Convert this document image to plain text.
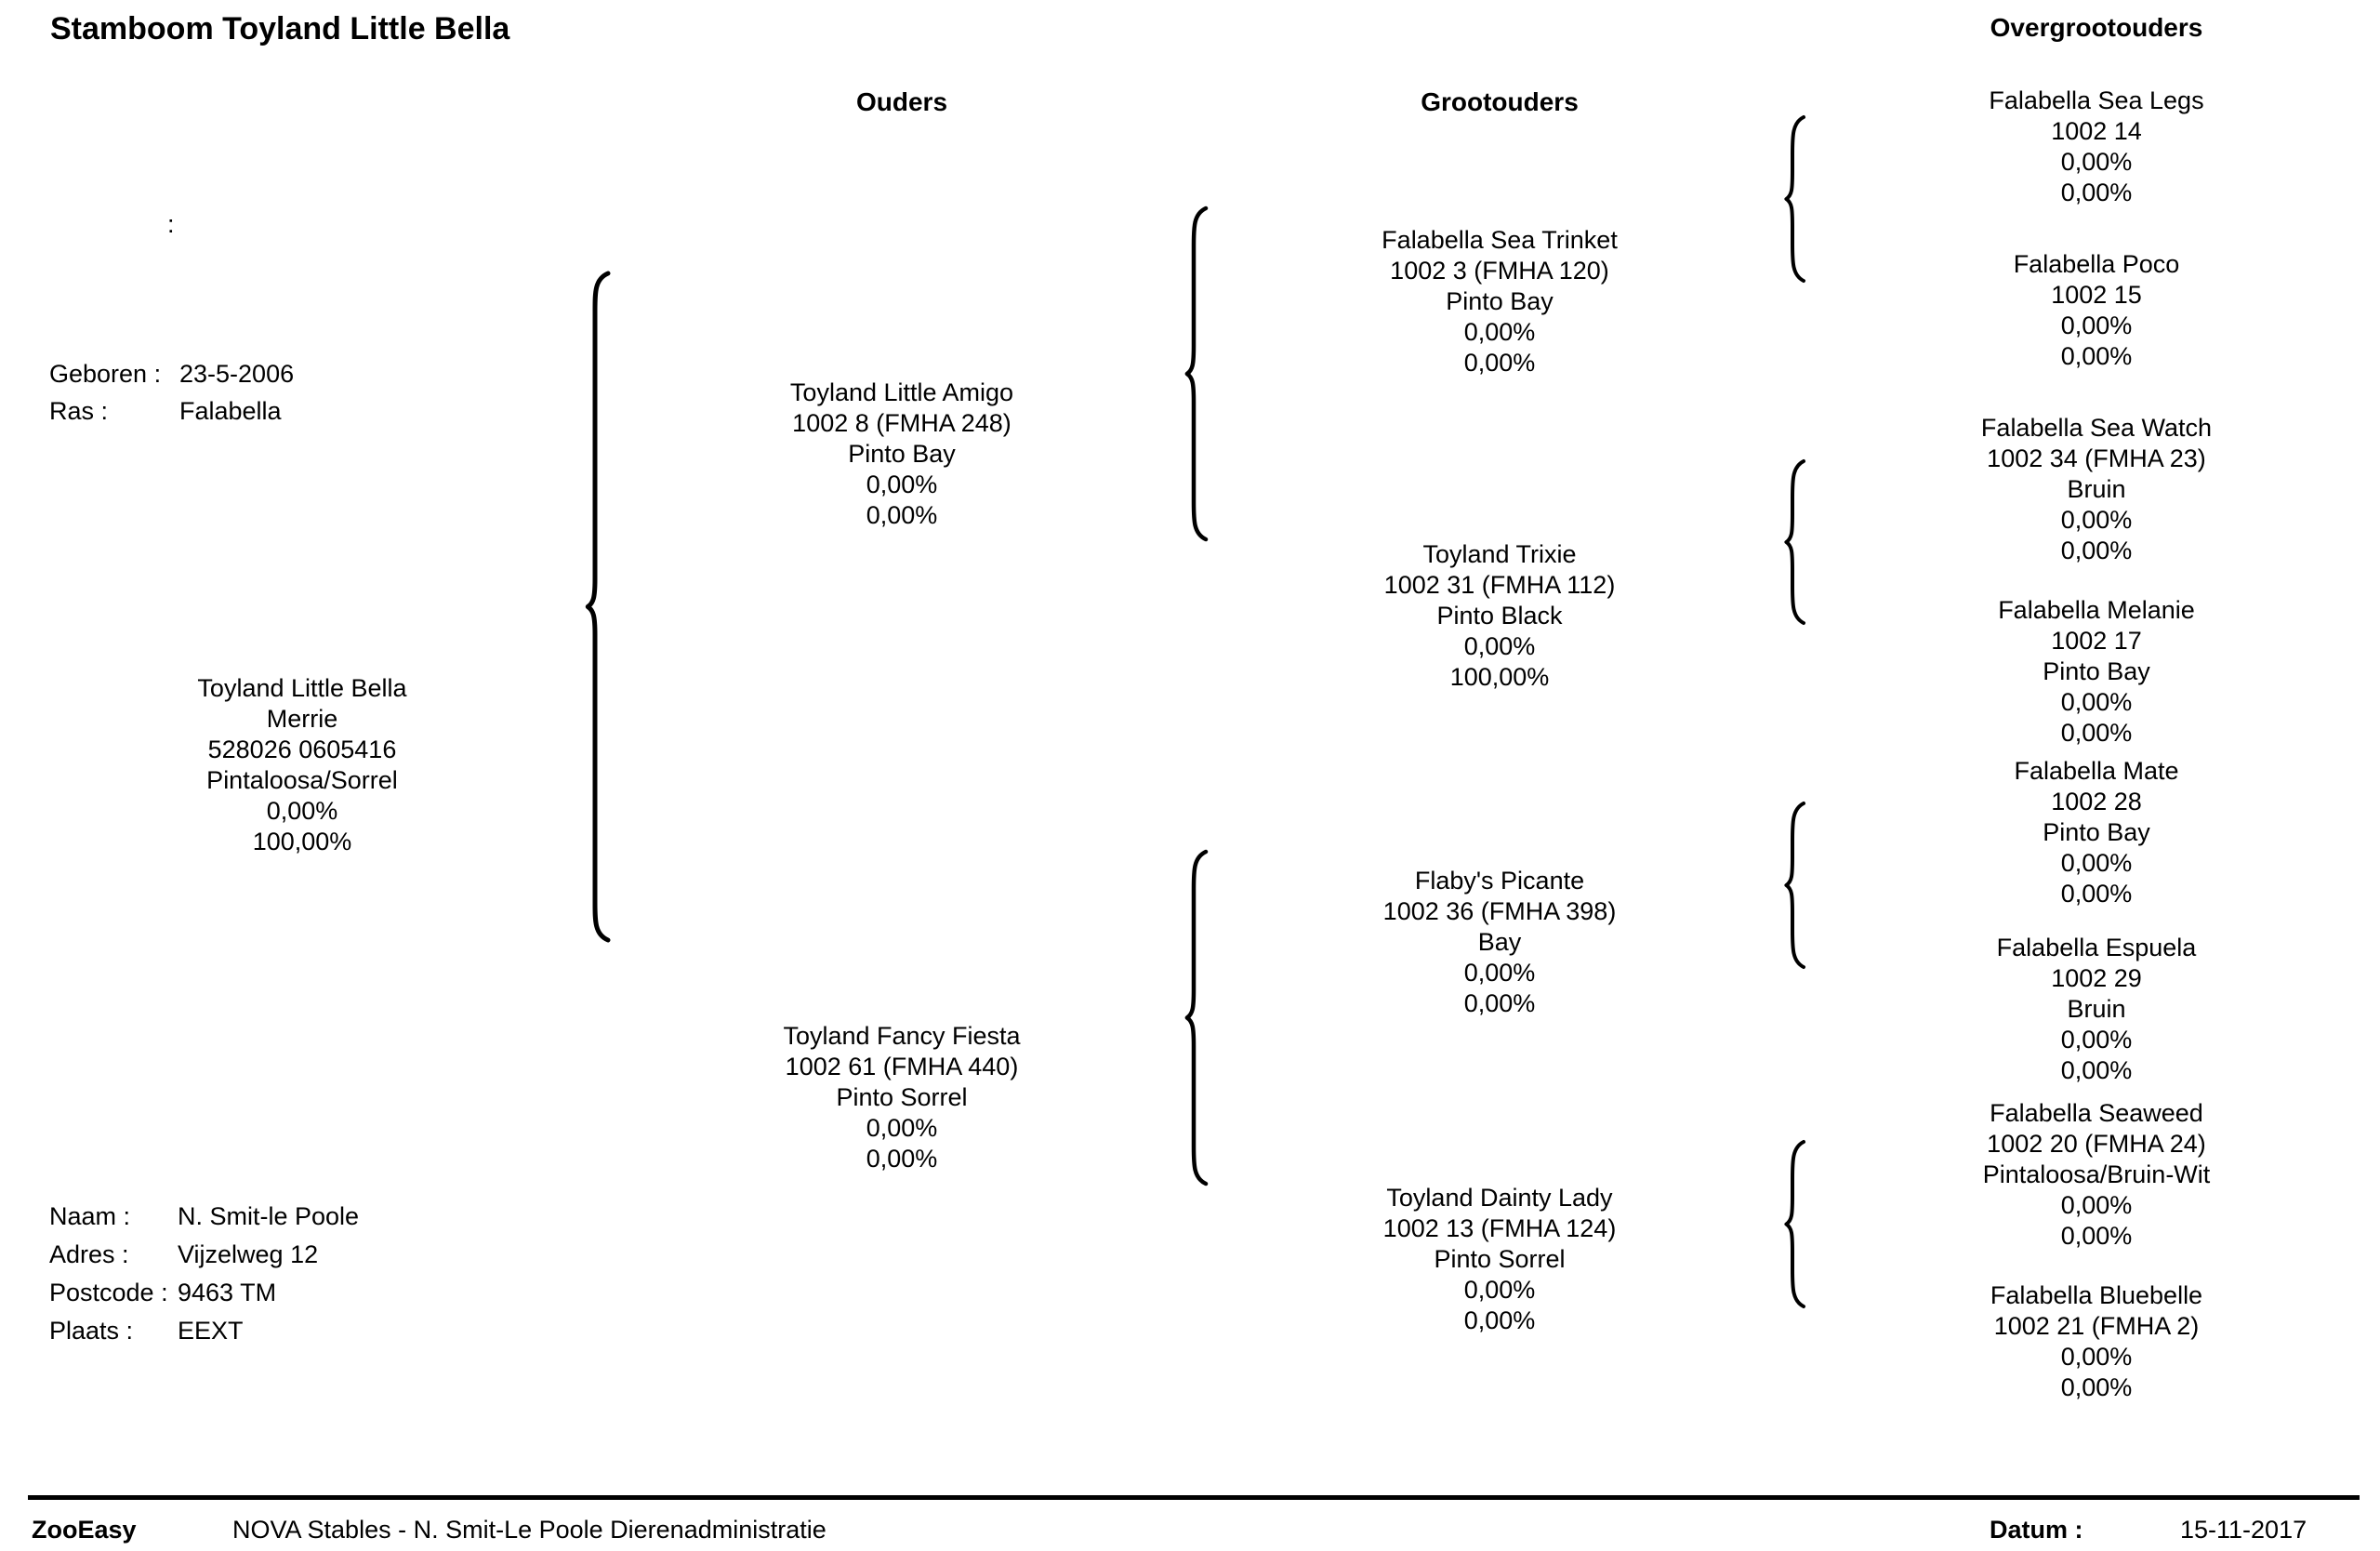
Stamboom Toyland Little Bella
Ouders	Grootouders
Overgrootouders
:
Geboren : 23-5-2006
Ras :	Falabella
Toyland Little Bella
Merrie
528026 0605416
Pintaloosa/Sorrel
0,00%
100,00%
Naam : N. Smit-le Poole
Adres : Vijzelweg 12
Postcode : 9463 TM
Plaats : EEXT
Toyland Little Amigo
1002 8 (FMHA 248)
Pinto Bay
0,00%
0,00%
Toyland Fancy Fiesta
1002 61 (FMHA 440)
Pinto Sorrel
0,00%
0,00%
Falabella Sea Trinket
1002 3 (FMHA 120)
Pinto Bay
0,00%
0,00%
Toyland Trixie
1002 31 (FMHA 112)
Pinto Black
0,00%
100,00%
Flaby's Picante
1002 36 (FMHA 398)
Bay
0,00%
0,00%
Toyland Dainty Lady
1002 13 (FMHA 124)
Pinto Sorrel
0,00%
0,00%
Falabella Sea Legs
1002 14
0,00%
0,00%
Falabella Poco
1002 15
0,00%
0,00%
Falabella Sea Watch
1002 34 (FMHA 23)
Bruin
0,00%
0,00%
Falabella Melanie
1002 17
Pinto Bay
0,00%
0,00%
Falabella Mate
1002 28
Pinto Bay
0,00%
0,00%
Falabella Espuela
1002 29
Bruin
0,00%
0,00%
Falabella Seaweed
1002 20 (FMHA 24)
Pintaloosa/Bruin-Wit
0,00%
0,00%
Falabella Bluebelle
1002 21 (FMHA 2)
0,00%
0,00%
ZooEasy	NOVA Stables - N. Smit-Le Poole Dierenadministratie	Datum :	15-11-2017
